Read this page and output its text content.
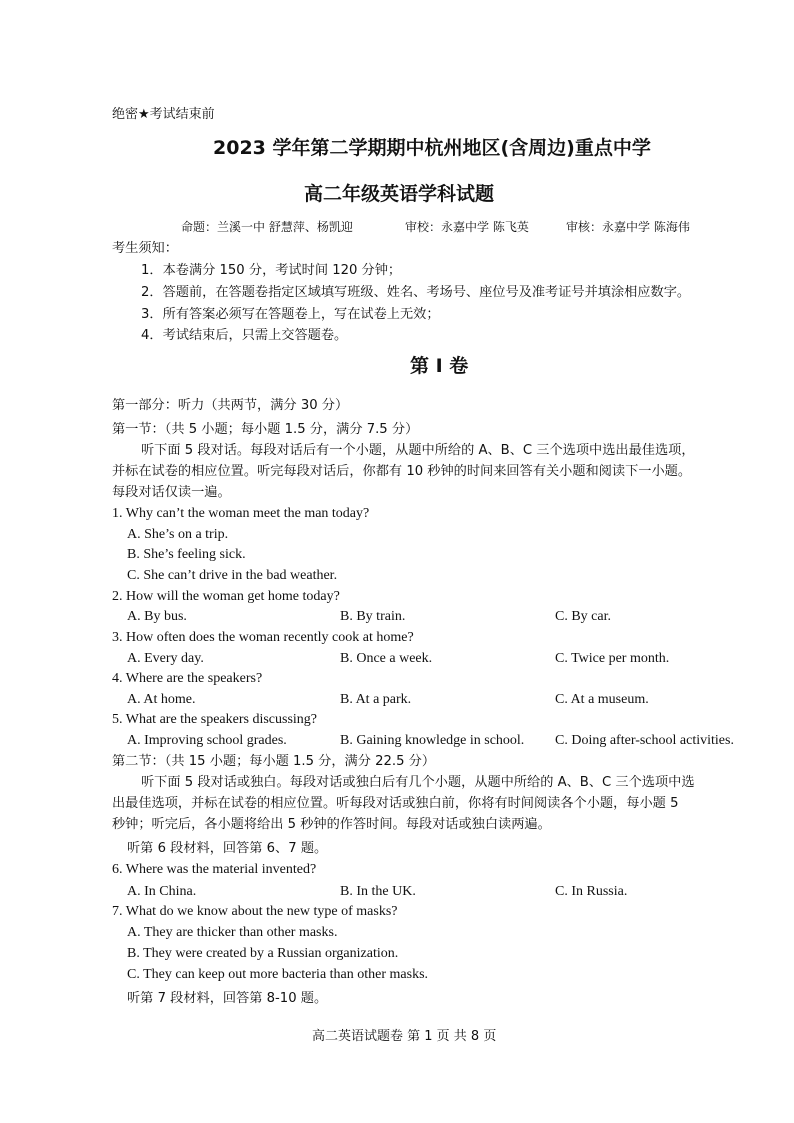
绝密★考试结束前
2023 学年第二学期期中杭州地区(含周边)重点中学
高二年级英语学科试题
命题：兰溪一中 舒慧萍、杨凯迎	审校：永嘉中学 陈飞英	审核：永嘉中学 陈海伟
考生须知：
1．本卷满分 150 分，考试时间 120 分钟；
2．答题前，在答题卷指定区域填写班级、姓名、考场号、座位号及准考证号并填涂相应数字。
3．所有答案必须写在答题卷上，写在试卷上无效；
4．考试结束后，只需上交答题卷。
第 I 卷
第一部分：听力（共两节，满分 30 分）
第一节：（共 5 小题；每小题 1.5 分，满分 7.5 分）
听下面 5 段对话。每段对话后有一个小题，从题中所给的 A、B、C 三个选项中选出最佳选项，
并标在试卷的相应位置。听完每段对话后，你都有 10 秒钟的时间来回答有关小题和阅读下一小题。
每段对话仅读一遍。
1. Why can’t the woman meet the man today?
A. She’s on a trip.
B. She’s feeling sick.
C. She can’t drive in the bad weather.
2. How will the woman get home today?
A. By bus.	B. By train.	C. By car.
3. How often does the woman recently cook at home?
A. Every day.	B. Once a week.	C. Twice per month.
4. Where are the speakers?
A. At home.	B. At a park.	C. At a museum.
5. What are the speakers discussing?
A. Improving school grades.	B. Gaining knowledge in school. C. Doing after-school activities.
第二节：（共 15 小题；每小题 1.5 分，满分 22.5 分）
听下面 5 段对话或独白。每段对话或独白后有几个小题，从题中所给的 A、B、C 三个选项中选
出最佳选项，并标在试卷的相应位置。听每段对话或独白前，你将有时间阅读各个小题，每小题 5
秒钟；听完后，各小题将给出 5 秒钟的作答时间。每段对话或独白读两遍。
听第 6 段材料，回答第 6、7 题。
6. Where was the material invented?
A. In China.	B. In the UK.	C. In Russia.
7. What do we know about the new type of masks?
A. They are thicker than other masks.
B. They were created by a Russian organization.
C. They can keep out more bacteria than other masks.
听第 7 段材料，回答第 8-10 题。
高二英语试题卷 第 1 页 共 8 页
